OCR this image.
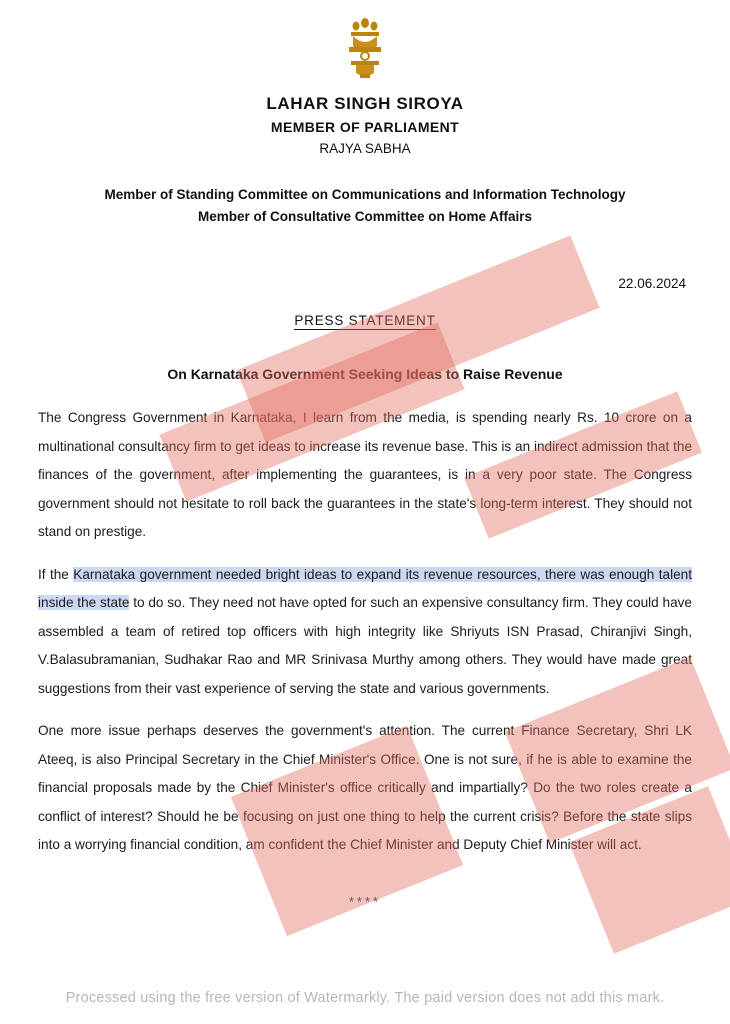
LAHAR SINGH SIROYA
MEMBER OF PARLIAMENT
RAJYA SABHA
Member of Standing Committee on Communications and Information Technology
Member of Consultative Committee on Home Affairs
22.06.2024
PRESS STATEMENT
On Karnataka Government Seeking Ideas to Raise Revenue

The Congress Government in Karnataka, I learn from the media, is spending nearly Rs. 10 crore on a multinational consultancy firm to get ideas to increase its revenue base. This is an indirect admission that the finances of the government, after implementing the guarantees, is in a very poor state. The Congress government should not hesitate to roll back the guarantees in the state's long-term interest. They should not stand on prestige.

If the Karnataka government needed bright ideas to expand its revenue resources, there was enough talent inside the state to do so. They need not have opted for such an expensive consultancy firm. They could have assembled a team of retired top officers with high integrity like Shriyuts ISN Prasad, Chiranjivi Singh, V.Balasubramanian, Sudhakar Rao and MR Srinivasa Murthy among others. They would have made great suggestions from their vast experience of serving the state and various governments.

One more issue perhaps deserves the government's attention. The current Finance Secretary, Shri LK Ateeq, is also Principal Secretary in the Chief Minister's Office. One is not sure, if he is able to examine the financial proposals made by the Chief Minister's office critically and impartially? Do the two roles create a conflict of interest? Should he be focusing on just one thing to help the current crisis? Before the state slips into a worrying financial condition, am confident the Chief Minister and Deputy Chief Minister will act.

****
Processed using the free version of Watermarkly. The paid version does not add this mark.
